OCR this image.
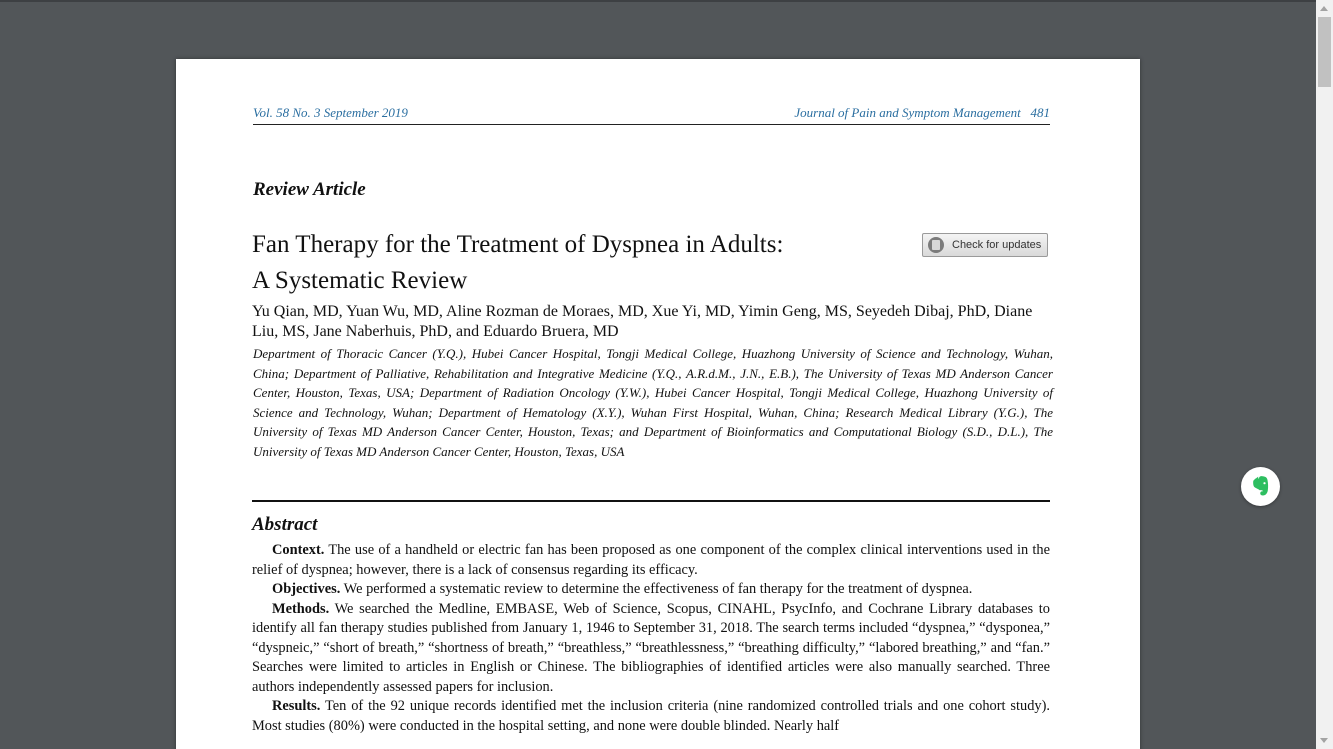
Vol. 58 No. 3 September 2019	Journal of Pain and Symptom Management   481
Review Article
Fan Therapy for the Treatment of Dyspnea in Adults:
A Systematic Review
Check for updates
Yu Qian, MD, Yuan Wu, MD, Aline Rozman de Moraes, MD, Xue Yi, MD, Yimin Geng, MS, Seyedeh Dibaj, PhD, Diane Liu, MS, Jane Naberhuis, PhD, and Eduardo Bruera, MD
Department of Thoracic Cancer (Y.Q.), Hubei Cancer Hospital, Tongji Medical College, Huazhong University of Science and Technology, Wuhan, China; Department of Palliative, Rehabilitation and Integrative Medicine (Y.Q., A.R.d.M., J.N., E.B.), The University of Texas MD Anderson Cancer Center, Houston, Texas, USA; Department of Radiation Oncology (Y.W.), Hubei Cancer Hospital, Tongji Medical College, Huazhong University of Science and Technology, Wuhan; Department of Hematology (X.Y.), Wuhan First Hospital, Wuhan, China; Research Medical Library (Y.G.), The University of Texas MD Anderson Cancer Center, Houston, Texas; and Department of Bioinformatics and Computational Biology (S.D., D.L.), The University of Texas MD Anderson Cancer Center, Houston, Texas, USA
Abstract

Context. The use of a handheld or electric fan has been proposed as one component of the complex clinical interventions used in the relief of dyspnea; however, there is a lack of consensus regarding its efficacy.

Objectives. We performed a systematic review to determine the effectiveness of fan therapy for the treatment of dyspnea.

Methods. We searched the Medline, EMBASE, Web of Science, Scopus, CINAHL, PsycInfo, and Cochrane Library databases to identify all fan therapy studies published from January 1, 1946 to September 31, 2018. The search terms included “dyspnea,” “dysponea,” “dyspneic,” “short of breath,” “shortness of breath,” “breathless,” “breathlessness,” “breathing difficulty,” “labored breathing,” and “fan.” Searches were limited to articles in English or Chinese. The bibliographies of identified articles were also manually searched. Three authors independently assessed papers for inclusion.

Results. Ten of the 92 unique records identified met the inclusion criteria (nine randomized controlled trials and one cohort study). Most studies (80%) were conducted in the hospital setting, and none were double blinded. Nearly half
